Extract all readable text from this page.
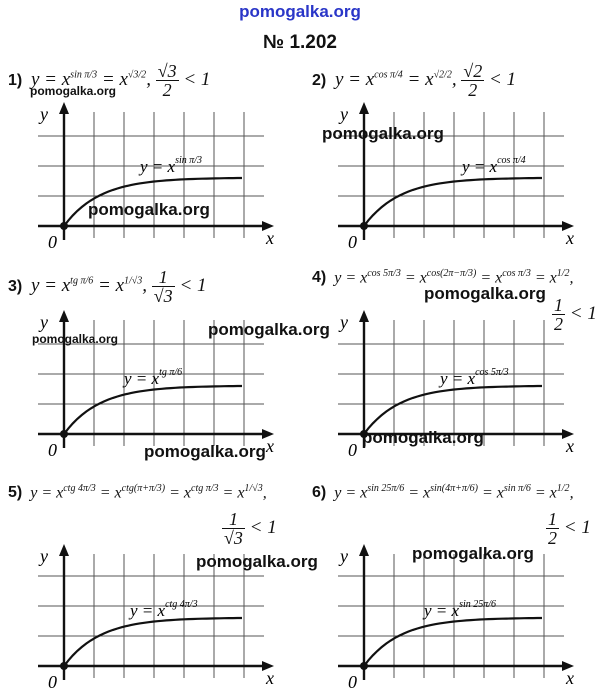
pomogalka.org
№ 1.202
1) $y = x^{sin \pi/3} = x^{√3/2}$, $\frac{√3}{2} < 1$	2) $y = x^{cos \pi/4} = x^{√2/2}$, $\frac{√2}{2} < 1$
3) $y = x^{tg \pi/6} = x^{1/√3}$, $\frac{1}{√3} < 1$	4) $y = x^{cos 5\pi/3} = x^{cos(2\pi-\pi/3)} = x^{cos \pi/3} = x^{1/2}$,
$\frac{1}{2} < 1$
5) $y = x^{ctg 4\pi/3} = x^{ctg(\pi+\pi/3)} = x^{ctg \pi/3} = x^{1/√3}$,
$\frac{1}{√3} < 1$
6) $y = x^{sin 25\pi/6} = x^{sin(4\pi+\pi/6)} = x^{sin \pi/6} = x^{1/2}$,
$\frac{1}{2} < 1$
y
x
0
$y = x^{sin \pi/3}$
y
x
0
$y = x^{cos \pi/4}$
y
x
0
$y = x^{tg \pi/6}$
y
x
0
$y = x^{cos 5\pi/3}$
y
x
0
$y = x^{ctg 4\pi/3}$
y
x
0
$y = x^{sin 25\pi/6}$
pomogalka.org
pomogalka.org
pomogalka.org
pomogalka.org	pomogalka.org
pomogalka.org
pomogalka.org
pomogalka.org
pomogalka.org	pomogalka.org
